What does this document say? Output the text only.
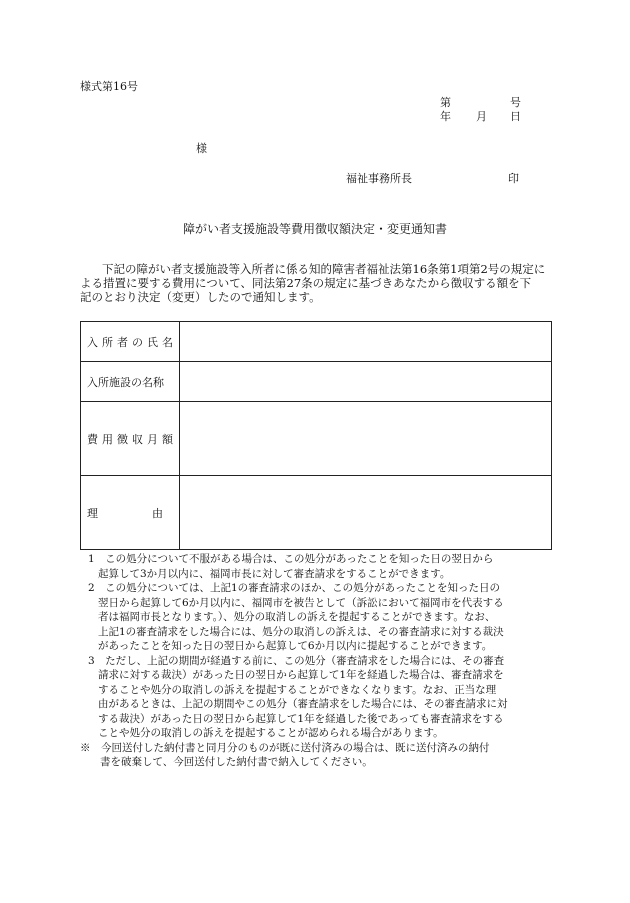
様式第16号
第	号
年 月 日
様
福祉事務所長	印
障がい者支援施設等費用徴収額決定・変更通知書
下記の障がい者支援施設等入所者に係る知的障害者福祉法第16条第1項第2号の規定に
よる措置に要する費用について、同法第27条の規定に基づきあなたから徴収する額を下
記のとおり決定（変更）したので通知します。
入所者の氏名	
入所施設の名称	
費用徴収月額	

理 由	

1　この処分について不服がある場合は、この処分があったことを知った日の翌日から
起算して3か月以内に、福岡市長に対して審査請求をすることができます。
2　この処分については、上記1の審査請求のほか、この処分があったことを知った日の
翌日から起算して6か月以内に、福岡市を被告として（訴訟において福岡市を代表する
者は福岡市長となります。）、処分の取消しの訴えを提起することができます。なお、
上記1の審査請求をした場合には、処分の取消しの訴えは、その審査請求に対する裁決
があったことを知った日の翌日から起算して6か月以内に提起することができます。
3　ただし、上記の期間が経過する前に、この処分（審査請求をした場合には、その審査
請求に対する裁決）があった日の翌日から起算して1年を経過した場合は、審査請求を
することや処分の取消しの訴えを提起することができなくなります。なお、正当な理
由があるときは、上記の期間やこの処分（審査請求をした場合には、その審査請求に対
する裁決）があった日の翌日から起算して1年を経過した後であっても審査請求をする
ことや処分の取消しの訴えを提起することが認められる場合があります。
※　今回送付した納付書と同月分のものが既に送付済みの場合は、既に送付済みの納付
書を破棄して、今回送付した納付書で納入してください。
